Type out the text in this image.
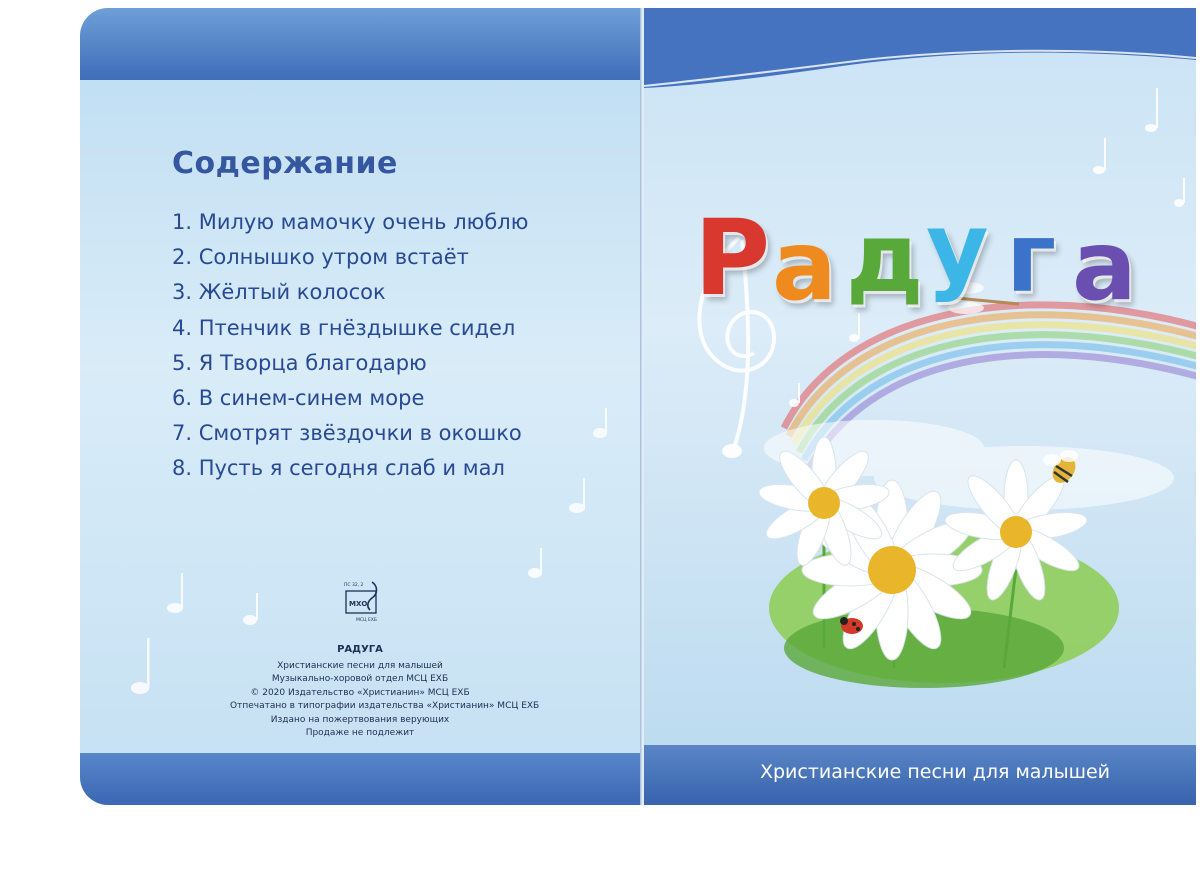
Содержание
1. Милую мамочку очень люблю
2. Солнышко утром встаёт
3. Жёлтый колосок
4. Птенчик в гнёздышке сидел
5. Я Творца благодарю
6. В синем-синем море
7. Смотрят звёздочки в окошко
8. Пусть я сегодня слаб и мал
ПС 32, 2
МХО
МСЦ ЕХБ
РАДУГА
Христианские песни для малышей
Музыкально-хоровой отдел МСЦ ЕХБ
© 2020 Издательство «Христианин» МСЦ ЕХБ
Отпечатано в типографии издательства «Христианин» МСЦ ЕХБ
Издано на пожертвования верующих
Продаже не подлежит
Р а д у г а
Христианские песни для малышей
